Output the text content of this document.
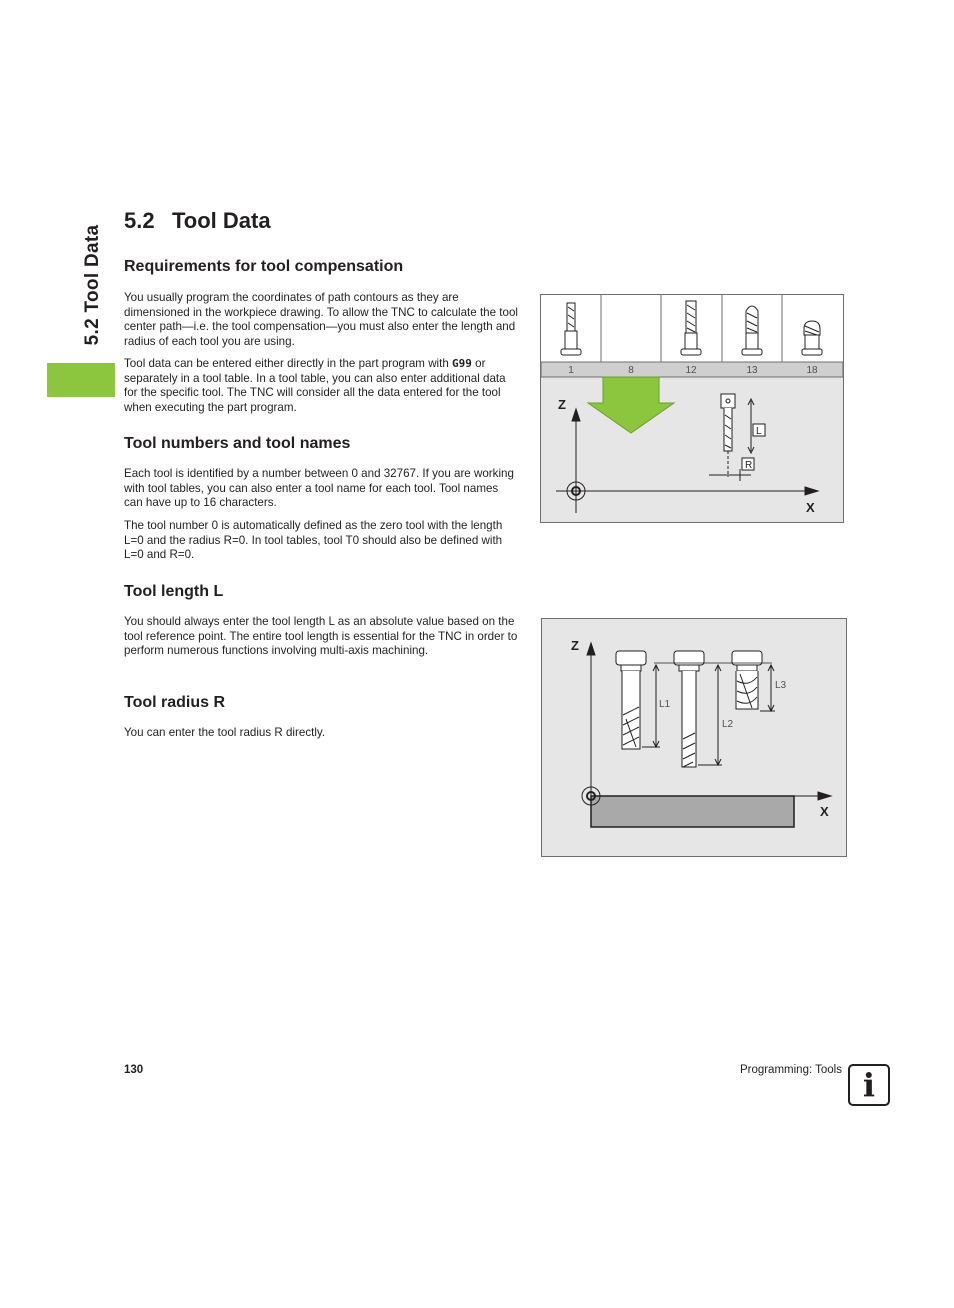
5.2 Tool Data
5.2 Tool Data
Requirements for tool compensation

You usually program the coordinates of path contours as they are dimensioned in the workpiece drawing. To allow the TNC to calculate the tool center path—i.e. the tool compensation—you must also enter the length and radius of each tool you are using.

Tool data can be entered either directly in the part program with G99 or separately in a tool table. In a tool table, you can also enter additional data for the specific tool. The TNC will consider all the data entered for the tool when executing the part program.

Tool numbers and tool names

Each tool is identified by a number between 0 and 32767. If you are working with tool tables, you can also enter a tool name for each tool. Tool names can have up to 16 characters.

The tool number 0 is automatically defined as the zero tool with the length L=0 and the radius R=0. In tool tables, tool T0 should also be defined with L=0 and R=0.

Tool length L

You should always enter the tool length L as an absolute value based on the tool reference point. The entire tool length is essential for the TNC in order to perform numerous functions involving multi-axis machining.

Tool radius R

You can enter the tool radius R directly.

1	8	12	13	18
L
R
Z
X
L1
L2
L3
Z
X
130	Programming: Tools i
